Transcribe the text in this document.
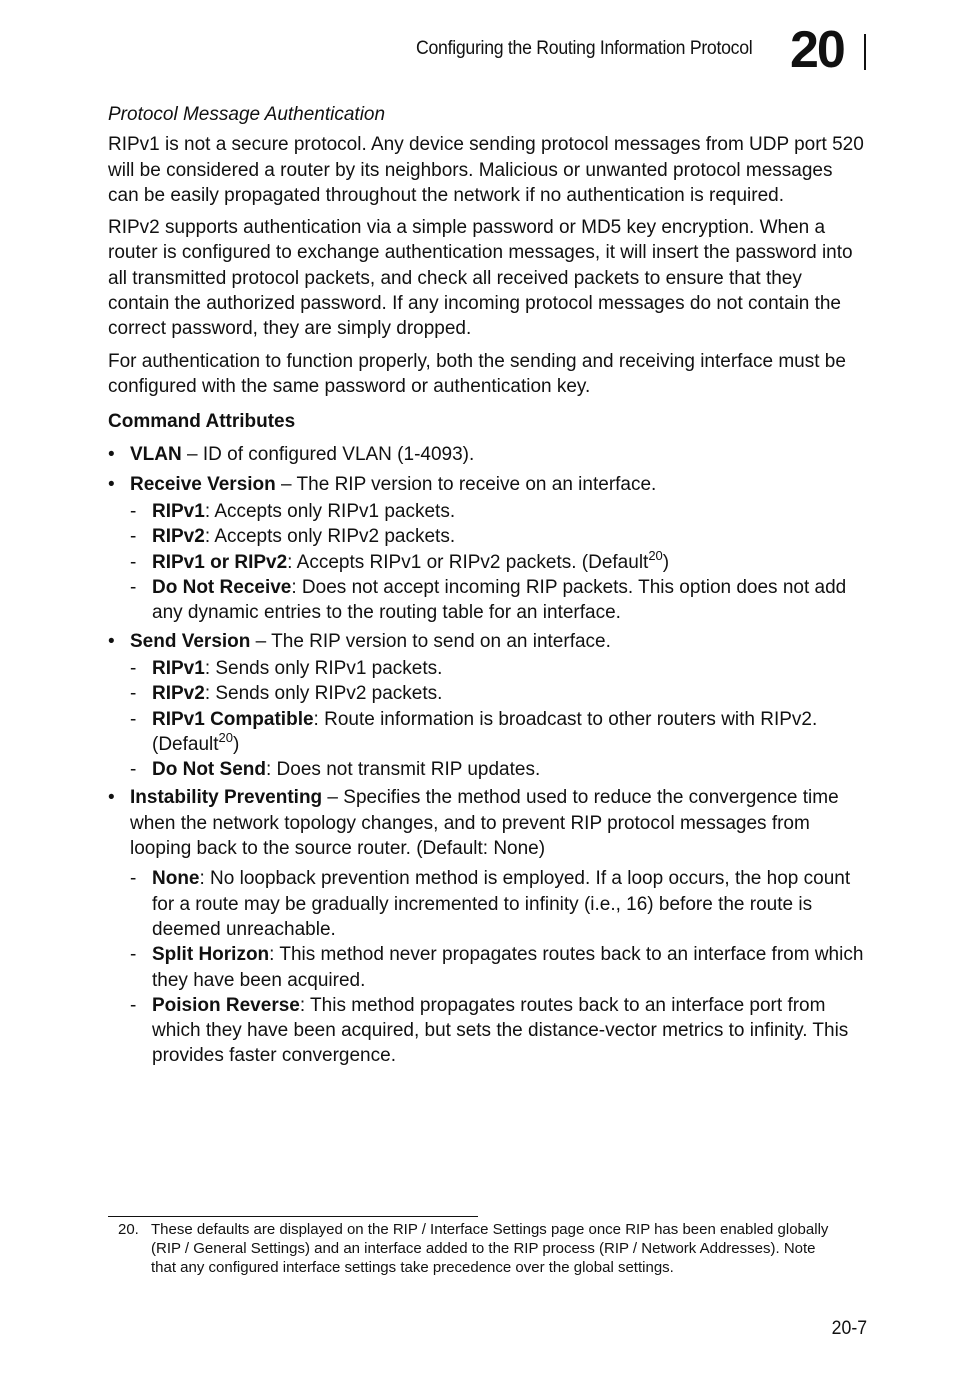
Configuring the Routing Information Protocol 20
Protocol Message Authentication

RIPv1 is not a secure protocol. Any device sending protocol messages from UDP port 520 will be considered a router by its neighbors. Malicious or unwanted protocol messages can be easily propagated throughout the network if no authentication is required.

RIPv2 supports authentication via a simple password or MD5 key encryption. When a router is configured to exchange authentication messages, it will insert the password into all transmitted protocol packets, and check all received packets to ensure that they contain the authorized password. If any incoming protocol messages do not contain the correct password, they are simply dropped.

For authentication to function properly, both the sending and receiving interface must be configured with the same password or authentication key.

Command Attributes
• VLAN – ID of configured VLAN (1-4093).
• Receive Version – The RIP version to receive on an interface.
- RIPv1: Accepts only RIPv1 packets.
- RIPv2: Accepts only RIPv2 packets.
- RIPv1 or RIPv2: Accepts RIPv1 or RIPv2 packets. (Default$^{20}$)
- Do Not Receive: Does not accept incoming RIP packets. This option does not add any dynamic entries to the routing table for an interface.
• Send Version – The RIP version to send on an interface.
- RIPv1: Sends only RIPv1 packets.
- RIPv2: Sends only RIPv2 packets.
- RIPv1 Compatible: Route information is broadcast to other routers with RIPv2. (Default$^{20}$)
- Do Not Send: Does not transmit RIP updates.
• Instability Preventing – Specifies the method used to reduce the convergence time when the network topology changes, and to prevent RIP protocol messages from looping back to the source router. (Default: None)
- None: No loopback prevention method is employed. If a loop occurs, the hop count for a route may be gradually incremented to infinity (i.e., 16) before the route is deemed unreachable.
- Split Horizon: This method never propagates routes back to an interface from which they have been acquired.
- Poision Reverse: This method propagates routes back to an interface port from which they have been acquired, but sets the distance-vector metrics to infinity. This provides faster convergence.
20. These defaults are displayed on the RIP / Interface Settings page once RIP has been enabled globally (RIP / General Settings) and an interface added to the RIP process (RIP / Network Addresses). Note that any configured interface settings take precedence over the global settings.
20-7
